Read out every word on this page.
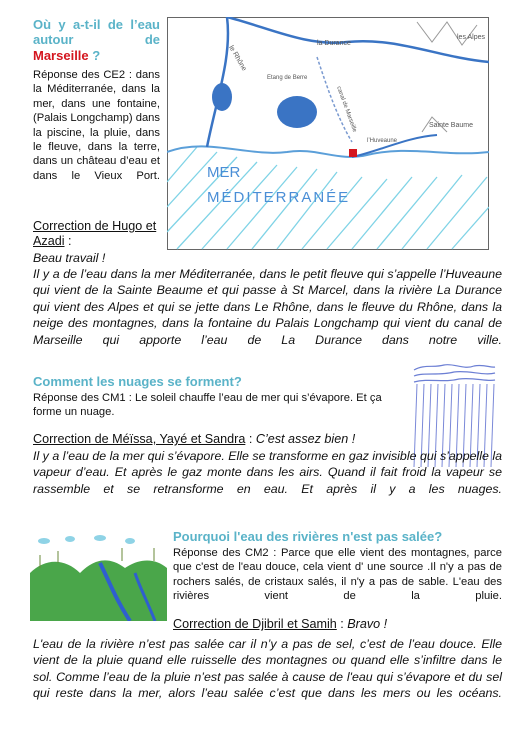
Où y a-t-il de l’eau autour de
Marseille ?
Réponse des CE2 : dans la Méditerranée, dans la mer, dans une fontaine, (Palais Longchamp) dans la piscine, la pluie, dans le fleuve, dans la terre, dans un château d’eau et dans le Vieux Port.	MER
MÉDITERRANÉE
les Alpes
la Durance
le Rhône
Etang de Berre
canal de Marseille	Sainte Baume
l’Huveaune
Correction de Hugo et Azadi :
Beau travail !
Il y a de l’eau dans la mer Méditerranée, dans le petit fleuve qui s’appelle l’Huveaune qui vient de la Sainte Beaume et qui passe à St Marcel, dans la rivière La Durance qui vient des Alpes et qui se jette dans Le Rhône, dans le fleuve du Rhône, dans la neige des montagnes, dans la fontaine du Palais Longchamp qui vient du canal de Marseille qui apporte l’eau de La Durance dans notre ville.
Comment les nuages se forment?
Réponse des CM1 : Le soleil chauffe l’eau de mer qui s’évapore. Et ça forme un nuage.
Correction de Méïssa, Yayé et Sandra : C’est assez bien !
Il y a l’eau de la mer qui s’évapore. Elle se transforme en gaz invisible qui s’appelle la vapeur d’eau. Et après le gaz monte dans les airs. Quand il fait froid la vapeur se rassemble et se retransforme en eau. Et après il y a les nuages.
Pourquoi l'eau des rivières n'est pas salée?
Réponse des CM2 : Parce que elle vient des montagnes, parce que c'est de l'eau douce, cela vient d' une source .Il n'y a pas de rochers salés, de cristaux salés, il n'y a pas de sable. L'eau des rivières vient de la pluie.
Correction de Djibril et Samih : Bravo !
L'eau de la rivière n’est pas salée car il n’y a pas de sel, c’est de l’eau douce. Elle vient de la pluie quand elle ruisselle des montagnes ou quand elle s’infiltre dans le sol. Comme l’eau de la pluie n’est pas salée à cause de l'eau qui s’évapore et du sel qui reste dans la mer, alors l’eau salée c’est que dans les mers ou les océans.
